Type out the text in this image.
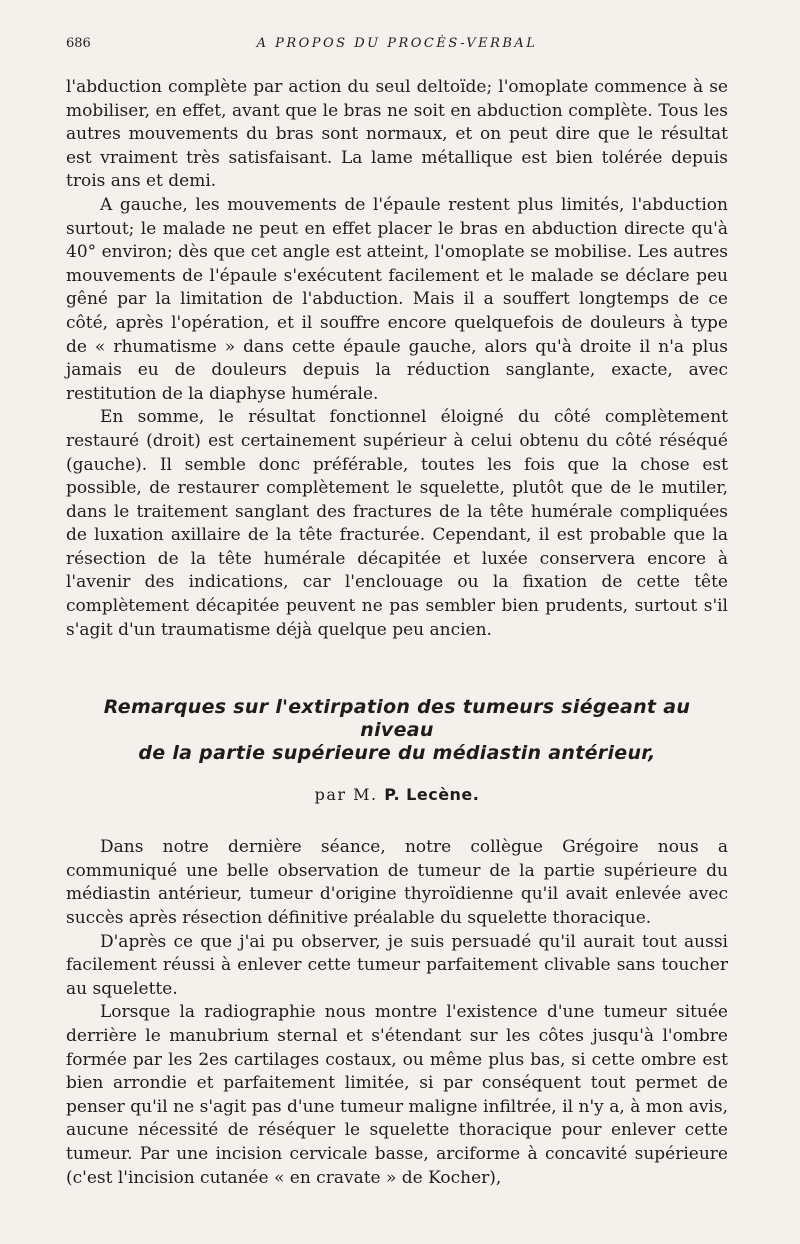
686	A PROPOS DU PROCÈS-VERBAL

l'abduction complète par action du seul deltoïde; l'omoplate commence à se mobiliser, en effet, avant que le bras ne soit en abduction complète. Tous les autres mouvements du bras sont normaux, et on peut dire que le résultat est vraiment très satisfaisant. La lame métallique est bien tolérée depuis trois ans et demi.

A gauche, les mouvements de l'épaule restent plus limités, l'abduction surtout; le malade ne peut en effet placer le bras en abduction directe qu'à 40° environ; dès que cet angle est atteint, l'omoplate se mobilise. Les autres mouvements de l'épaule s'exécutent facilement et le malade se déclare peu gêné par la limitation de l'abduction. Mais il a souffert longtemps de ce côté, après l'opération, et il souffre encore quelquefois de douleurs à type de « rhumatisme » dans cette épaule gauche, alors qu'à droite il n'a plus jamais eu de douleurs depuis la réduction sanglante, exacte, avec restitution de la diaphyse humérale.

En somme, le résultat fonctionnel éloigné du côté complètement restauré (droit) est certainement supérieur à celui obtenu du côté réséqué (gauche). Il semble donc préférable, toutes les fois que la chose est possible, de restaurer complètement le squelette, plutôt que de le mutiler, dans le traitement sanglant des fractures de la tête humérale compliquées de luxation axillaire de la tête fracturée. Cependant, il est probable que la résection de la tête humérale décapitée et luxée conservera encore à l'avenir des indications, car l'enclouage ou la fixation de cette tête complètement décapitée peuvent ne pas sembler bien prudents, surtout s'il s'agit d'un traumatisme déjà quelque peu ancien.

Remarques sur l'extirpation des tumeurs siégeant au niveau
de la partie supérieure du médiastin antérieur,
par M. P. Lecène.

Dans notre dernière séance, notre collègue Grégoire nous a communiqué une belle observation de tumeur de la partie supérieure du médiastin antérieur, tumeur d'origine thyroïdienne qu'il avait enlevée avec succès après résection définitive préalable du squelette thoracique.

D'après ce que j'ai pu observer, je suis persuadé qu'il aurait tout aussi facilement réussi à enlever cette tumeur parfaitement clivable sans toucher au squelette.

Lorsque la radiographie nous montre l'existence d'une tumeur située derrière le manubrium sternal et s'étendant sur les côtes jusqu'à l'ombre formée par les 2es cartilages costaux, ou même plus bas, si cette ombre est bien arrondie et parfaitement limitée, si par conséquent tout permet de penser qu'il ne s'agit pas d'une tumeur maligne infiltrée, il n'y a, à mon avis, aucune nécessité de réséquer le squelette thoracique pour enlever cette tumeur. Par une incision cervicale basse, arciforme à concavité supérieure (c'est l'incision cutanée « en cravate » de Kocher),
